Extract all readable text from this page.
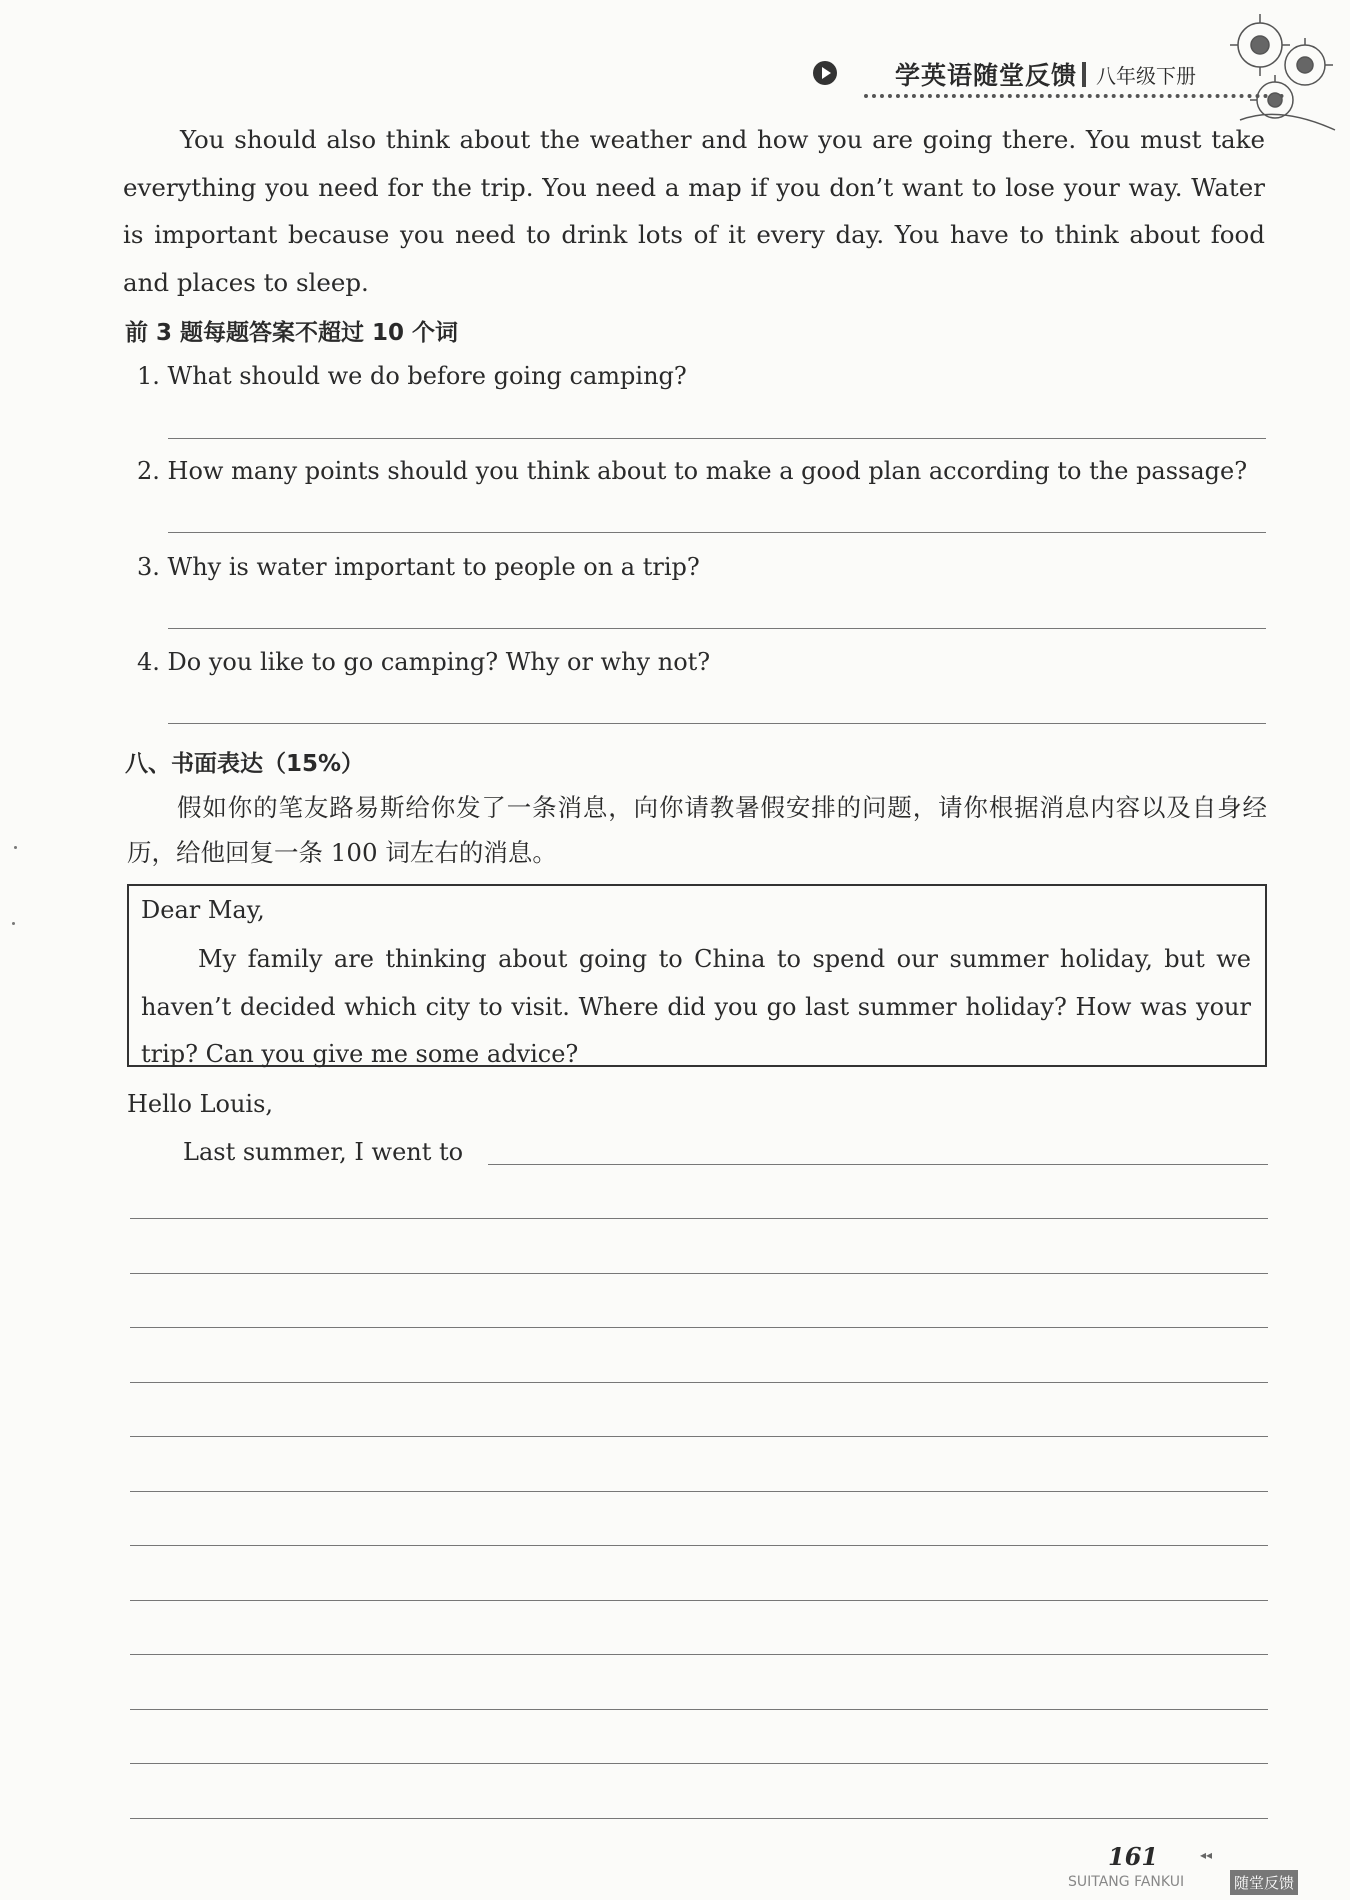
学英语随堂反馈 八年级下册

You should also think about the weather and how you are going there. You must take everything you need for the trip. You need a map if you don’t want to lose your way. Water is important because you need to drink lots of it every day. You have to think about food and places to sleep.

前 3 题每题答案不超过 10 个词
1. What should we do before going camping?
2. How many points should you think about to make a good plan according to the passage?
3. Why is water important to people on a trip?
4. Do you like to go camping? Why or why not?
八、书面表达（15%）

假如你的笔友路易斯给你发了一条消息，向你请教暑假安排的问题，请你根据消息内容以及自身经历，给他回复一条 100 词左右的消息。

Dear May,

My family are thinking about going to China to spend our summer holiday, but we haven’t decided which city to visit. Where did you go last summer holiday? How was your trip? Can you give me some advice?

Hello Louis,
Last summer, I went to
161	◂◂
SUITANG FANKUI	随堂反馈
